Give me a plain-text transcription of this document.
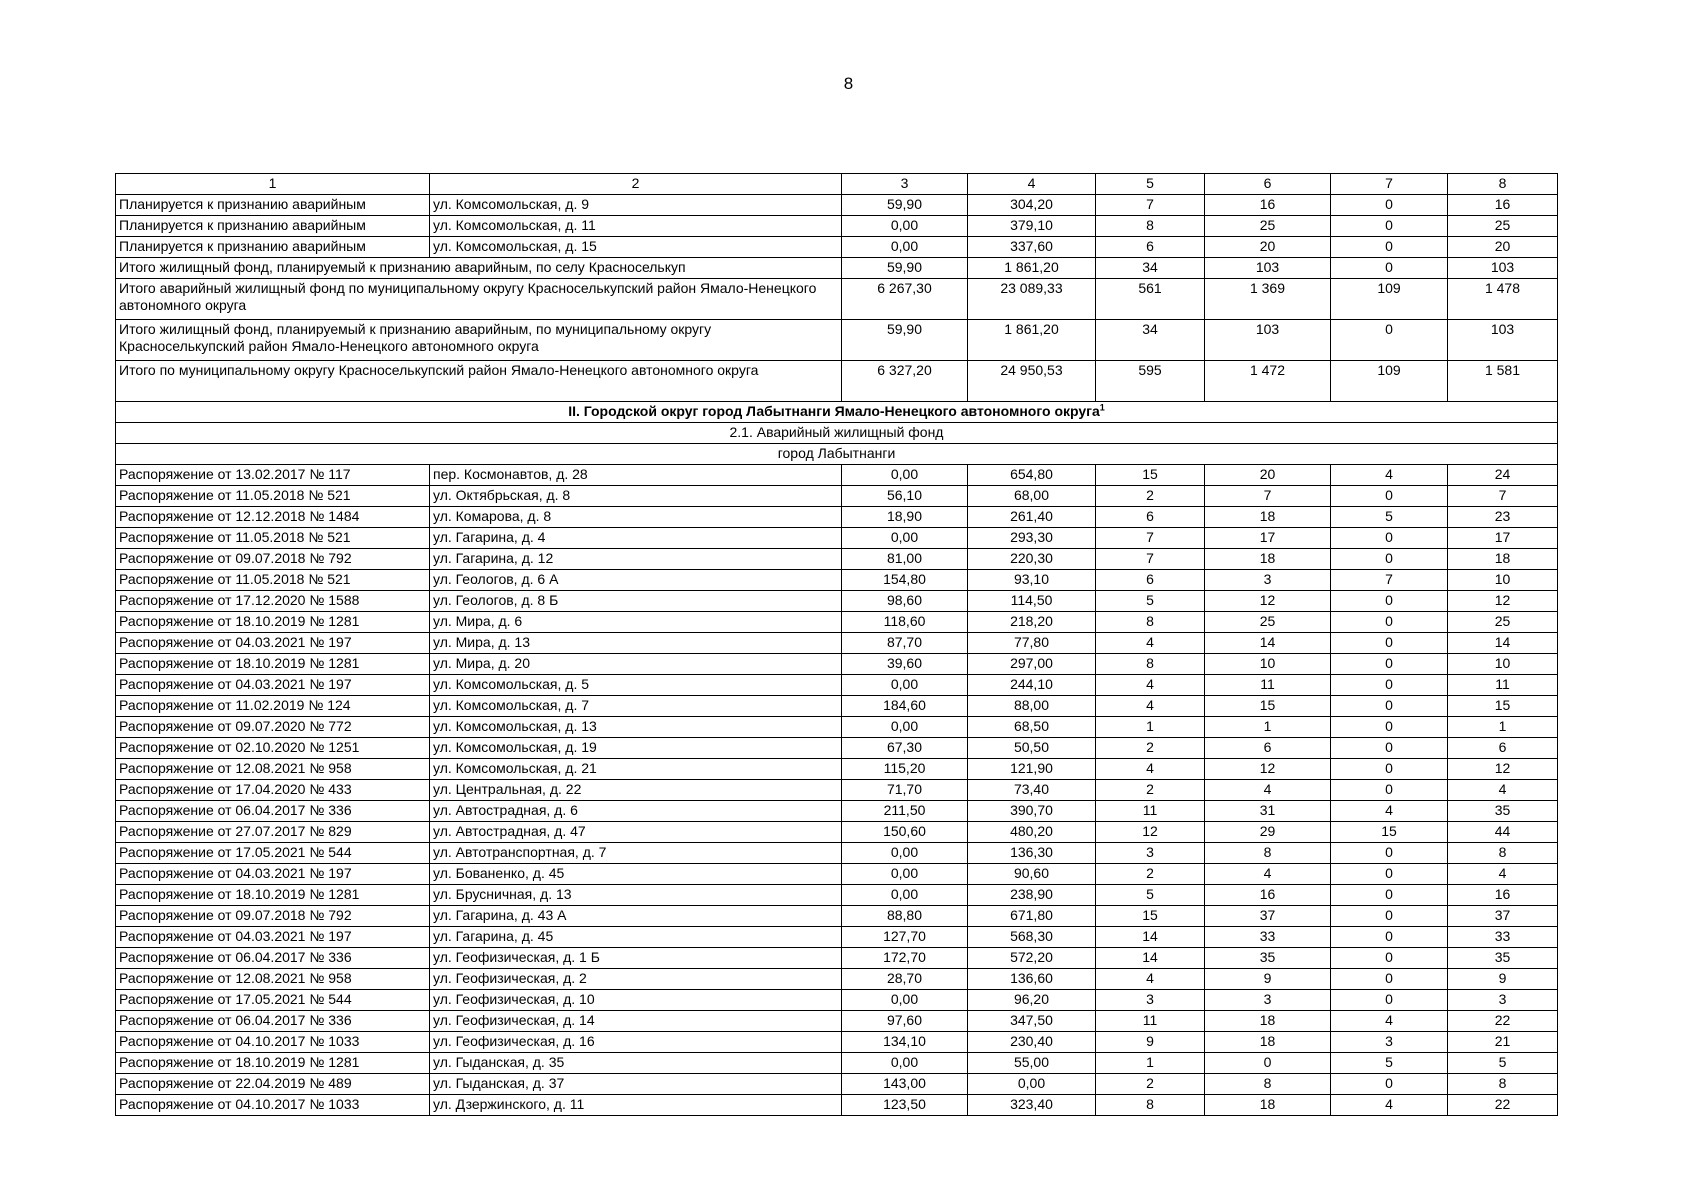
8
1	2	3	4	5	6	7	8
Планируется к признанию аварийным	ул. Комсомольская, д. 9	59,90	304,20	7	16	0	16
Планируется к признанию аварийным	ул. Комсомольская, д. 11	0,00	379,10	8	25	0	25
Планируется к признанию аварийным	ул. Комсомольская, д. 15	0,00	337,60	6	20	0	20
Итого жилищный фонд, планируемый к признанию аварийным, по селу Красноселькуп		59,90	1 861,20	34	103	0	103
Итого аварийный жилищный фонд по муниципальному округу Красноселькупский район Ямало-Ненецкого автономного округа		6 267,30	23 089,33	561	1 369	109	1 478
Итого жилищный фонд, планируемый к признанию аварийным, по муниципальному округу Красноселькупский район Ямало-Ненецкого автономного округа		59,90	1 861,20	34	103	0	103
Итого по муниципальному округу Красноселькупский район Ямало-Ненецкого автономного округа		6 327,20	24 950,53	595	1 472	109	1 581
II. Городской округ город Лабытнанги Ямало-Ненецкого автономного округа$^1$
2.1. Аварийный жилищный фонд							
город Лабытнанги							
Распоряжение от 13.02.2017 № 117	пер. Космонавтов, д. 28	0,00	654,80	15	20	4	24
Распоряжение от 11.05.2018 № 521	ул. Октябрьская, д. 8	56,10	68,00	2	7	0	7
Распоряжение от 12.12.2018 № 1484	ул. Комарова, д. 8	18,90	261,40	6	18	5	23
Распоряжение от 11.05.2018 № 521	ул. Гагарина, д. 4	0,00	293,30	7	17	0	17
Распоряжение от 09.07.2018 № 792	ул. Гагарина, д. 12	81,00	220,30	7	18	0	18
Распоряжение от 11.05.2018 № 521	ул. Геологов, д. 6 А	154,80	93,10	6	3	7	10
Распоряжение от 17.12.2020 № 1588	ул. Геологов, д. 8 Б	98,60	114,50	5	12	0	12
Распоряжение от 18.10.2019 № 1281	ул. Мира, д. 6	118,60	218,20	8	25	0	25
Распоряжение от 04.03.2021 № 197	ул. Мира, д. 13	87,70	77,80	4	14	0	14
Распоряжение от 18.10.2019 № 1281	ул. Мира, д. 20	39,60	297,00	8	10	0	10
Распоряжение от 04.03.2021 № 197	ул. Комсомольская, д. 5	0,00	244,10	4	11	0	11
Распоряжение от 11.02.2019 № 124	ул. Комсомольская, д. 7	184,60	88,00	4	15	0	15
Распоряжение от 09.07.2020 № 772	ул. Комсомольская, д. 13	0,00	68,50	1	1	0	1
Распоряжение от 02.10.2020 № 1251	ул. Комсомольская, д. 19	67,30	50,50	2	6	0	6
Распоряжение от 12.08.2021 № 958	ул. Комсомольская, д. 21	115,20	121,90	4	12	0	12
Распоряжение от 17.04.2020 № 433	ул. Центральная, д. 22	71,70	73,40	2	4	0	4
Распоряжение от 06.04.2017 № 336	ул. Автострадная, д. 6	211,50	390,70	11	31	4	35
Распоряжение от 27.07.2017 № 829	ул. Автострадная, д. 47	150,60	480,20	12	29	15	44
Распоряжение от 17.05.2021 № 544	ул. Автотранспортная, д. 7	0,00	136,30	3	8	0	8
Распоряжение от 04.03.2021 № 197	ул. Бованенко, д. 45	0,00	90,60	2	4	0	4
Распоряжение от 18.10.2019 № 1281	ул. Брусничная, д. 13	0,00	238,90	5	16	0	16
Распоряжение от 09.07.2018 № 792	ул. Гагарина, д. 43 А	88,80	671,80	15	37	0	37
Распоряжение от 04.03.2021 № 197	ул. Гагарина, д. 45	127,70	568,30	14	33	0	33
Распоряжение от 06.04.2017 № 336	ул. Геофизическая, д. 1 Б	172,70	572,20	14	35	0	35
Распоряжение от 12.08.2021 № 958	ул. Геофизическая, д. 2	28,70	136,60	4	9	0	9
Распоряжение от 17.05.2021 № 544	ул. Геофизическая, д. 10	0,00	96,20	3	3	0	3
Распоряжение от 06.04.2017 № 336	ул. Геофизическая, д. 14	97,60	347,50	11	18	4	22
Распоряжение от 04.10.2017 № 1033	ул. Геофизическая, д. 16	134,10	230,40	9	18	3	21
Распоряжение от 18.10.2019 № 1281	ул. Гыданская, д. 35	0,00	55,00	1	0	5	5
Распоряжение от 22.04.2019 № 489	ул. Гыданская, д. 37	143,00	0,00	2	8	0	8
Распоряжение от 04.10.2017 № 1033	ул. Дзержинского, д. 11	123,50	323,40	8	18	4	22
